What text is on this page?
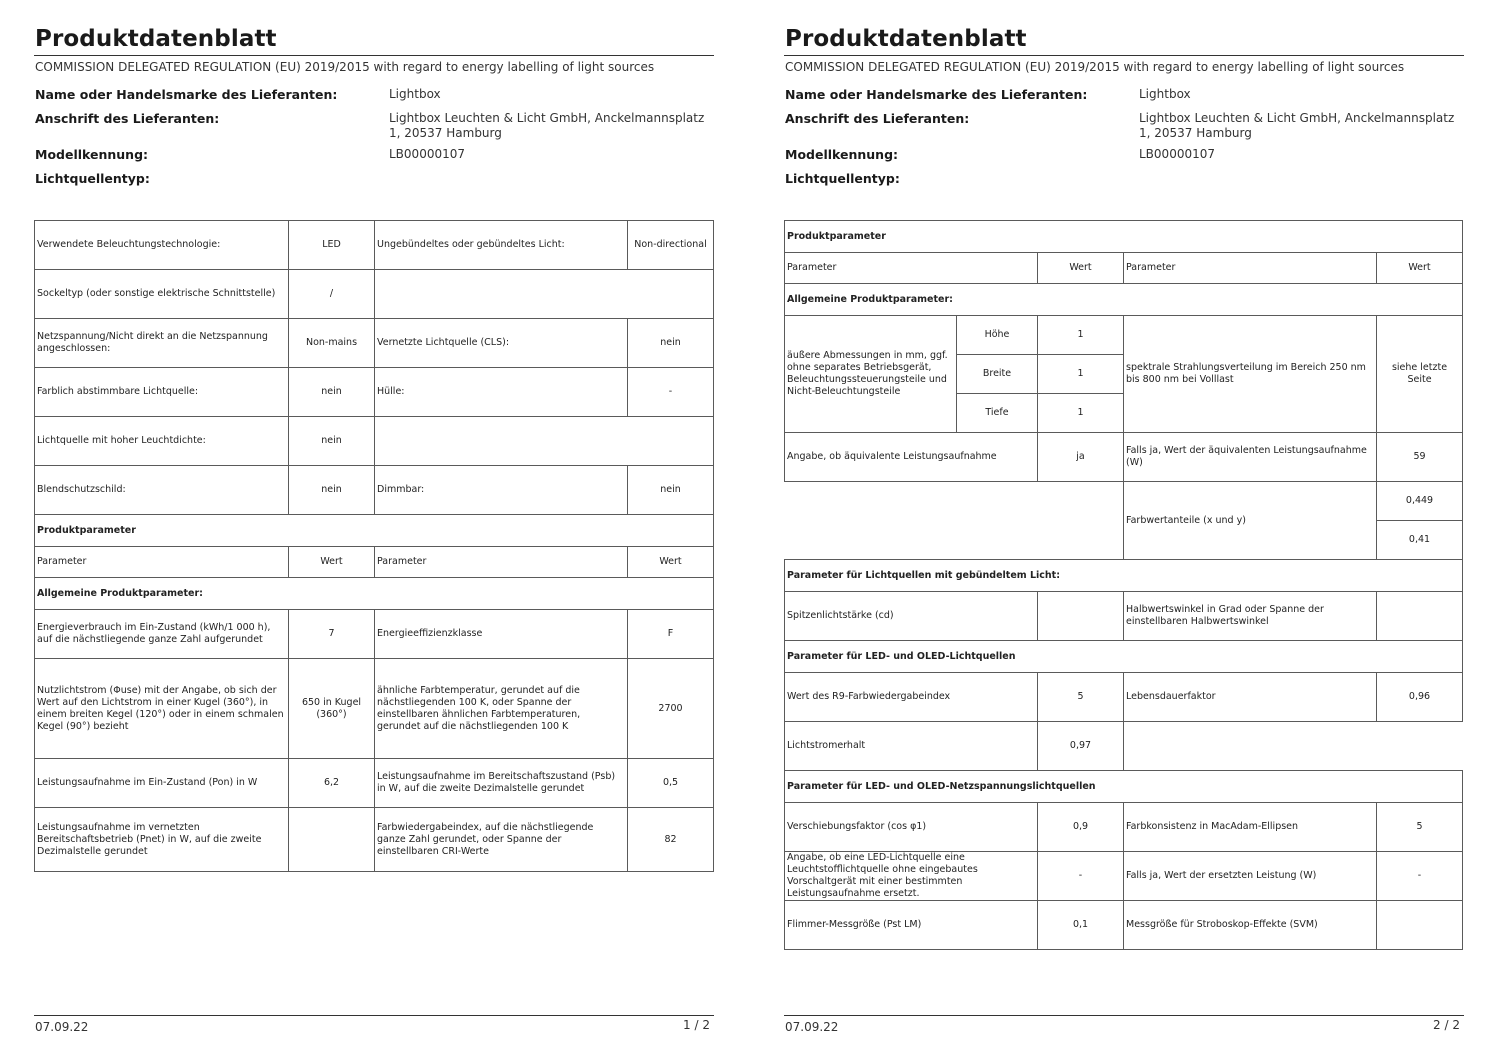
Produktdatenblatt
COMMISSION DELEGATED REGULATION (EU) 2019/2015 with regard to energy labelling of light sources
Name oder Handelsmarke des Lieferanten:	Lightbox
Anschrift des Lieferanten:	Lightbox Leuchten & Licht GmbH, Anckelmannsplatz 1, 20537 Hamburg
Modellkennung:	LB00000107
Lichtquellentyp:
Verwendete Beleuchtungstechnologie:	LED	Ungebündeltes oder gebündeltes Licht:	Non-directional
Sockeltyp (oder sonstige elektrische Schnittstelle)	/		
Netzspannung/Nicht direkt an die Netzspannung angeschlossen:	Non-mains	Vernetzte Lichtquelle (CLS):	nein
Farblich abstimmbare Lichtquelle:	nein	Hülle:	-
Lichtquelle mit hoher Leuchtdichte:	nein		
Blendschutzschild:	nein	Dimmbar:	nein
Produktparameter			
Parameter	Wert	Parameter	Wert
Allgemeine Produktparameter:			
Energieverbrauch im Ein-Zustand (kWh/1 000 h), auf die nächstliegende ganze Zahl aufgerundet	7	Energieeffizienzklasse	F
Nutzlichtstrom (Φuse) mit der Angabe, ob sich der Wert auf den Lichtstrom in einer Kugel (360°), in einem breiten Kegel (120°) oder in einem schmalen Kegel (90°) bezieht	650 in Kugel (360°)	ähnliche Farbtemperatur, gerundet auf die nächstliegenden 100 K, oder Spanne der einstellbaren ähnlichen Farbtemperaturen, gerundet auf die nächstliegenden 100 K	2700
Leistungsaufnahme im Ein-Zustand (Pon) in W	6,2	Leistungsaufnahme im Bereitschaftszustand (Psb) in W, auf die zweite Dezimalstelle gerundet	0,5
Leistungsaufnahme im vernetzten Bereitschaftsbetrieb (Pnet) in W, auf die zweite Dezimalstelle gerundet		Farbwiedergabeindex, auf die nächstliegende ganze Zahl gerundet, oder Spanne der einstellbaren CRI-Werte	82
07.09.22	1 / 2
Produktdatenblatt
COMMISSION DELEGATED REGULATION (EU) 2019/2015 with regard to energy labelling of light sources
Name oder Handelsmarke des Lieferanten:	Lightbox
Anschrift des Lieferanten:	Lightbox Leuchten & Licht GmbH, Anckelmannsplatz 1, 20537 Hamburg
Modellkennung:	LB00000107
Lichtquellentyp:
Produktparameter				
Parameter		Wert	Parameter	Wert
Allgemeine Produktparameter:				
äußere Abmessungen in mm, ggf. ohne separates Betriebsgerät, Beleuchtungssteuerungsteile und Nicht-Beleuchtungsteile	Höhe	1	spektrale Strahlungsverteilung im Bereich 250 nm bis 800 nm bei Volllast	siehe letzte Seite
	Breite	1		
	Tiefe	1		
Angabe, ob äquivalente Leistungsaufnahme		ja	Falls ja, Wert der äquivalenten Leistungsaufnahme (W)	59
			Farbwertanteile (x und y)	0,449
				0,41
Parameter für Lichtquellen mit gebündeltem Licht:				
Spitzenlichtstärke (cd)			Halbwertswinkel in Grad oder Spanne der einstellbaren Halbwertswinkel	
Parameter für LED- und OLED-Lichtquellen				
Wert des R9-Farbwiedergabeindex		5	Lebensdauerfaktor	0,96
Lichtstromerhalt		0,97		
Parameter für LED- und OLED-Netzspannungslichtquellen				
Verschiebungsfaktor (cos φ1)		0,9	Farbkonsistenz in MacAdam-Ellipsen	5
Angabe, ob eine LED-Lichtquelle eine Leuchtstofflichtquelle ohne eingebautes Vorschaltgerät mit einer bestimmten Leistungsaufnahme ersetzt.		-	Falls ja, Wert der ersetzten Leistung (W)	-
Flimmer-Messgröße (Pst LM)		0,1	Messgröße für Stroboskop-Effekte (SVM)	
07.09.22	2 / 2
